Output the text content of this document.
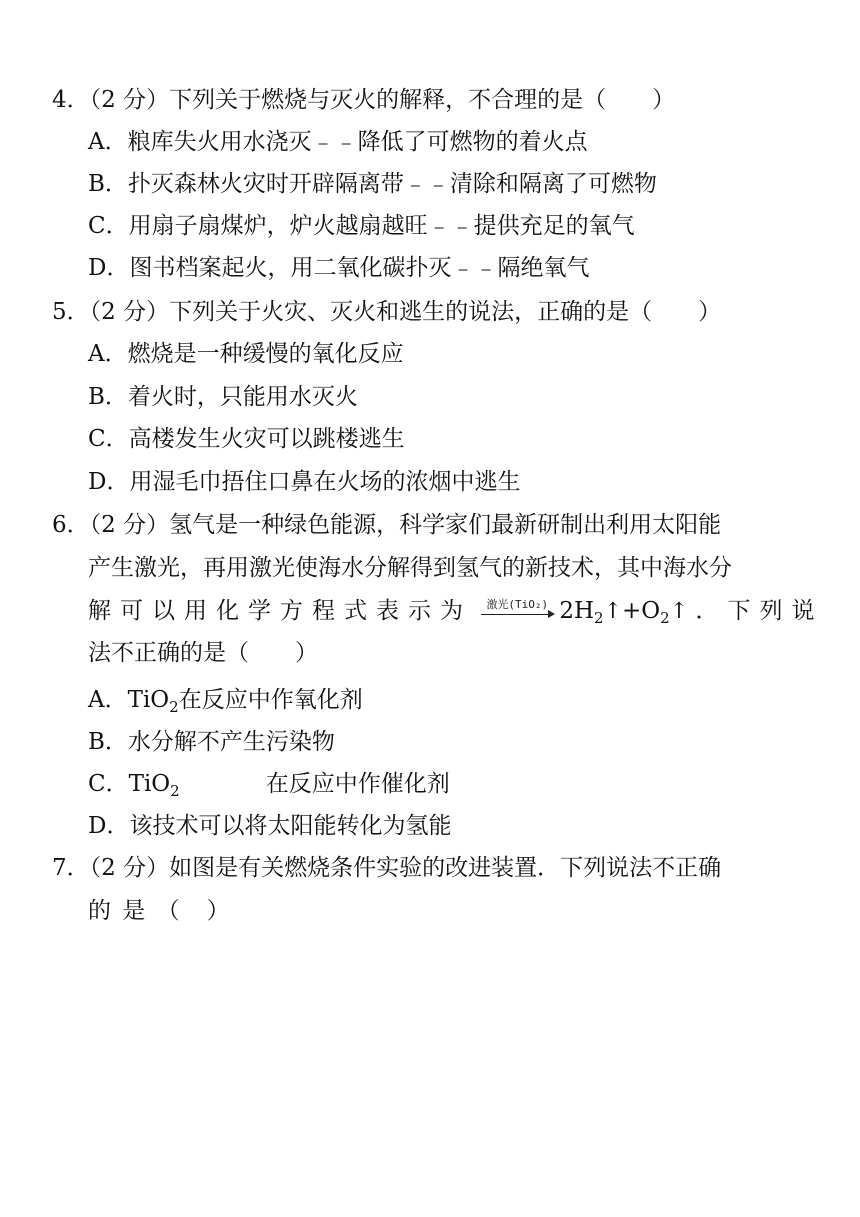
4．（2 分）下列关于燃烧与灭火的解释，不合理的是（　　）
A．粮库失火用水浇灭﹣﹣降低了可燃物的着火点
B．扑灭森林火灾时开辟隔离带﹣﹣清除和隔离了可燃物
C．用扇子扇煤炉，炉火越扇越旺﹣﹣提供充足的氧气
D．图书档案起火，用二氧化碳扑灭﹣﹣隔绝氧气
5．（2 分）下列关于火灾、灭火和逃生的说法，正确的是（　　）
A．燃烧是一种缓慢的氧化反应
B．着火时，只能用水灭火
C．高楼发生火灾可以跳楼逃生
D．用湿毛巾捂住口鼻在火场的浓烟中逃生
6．（2 分）氢气是一种绿色能源，科学家们最新研制出利用太阳能
产生激光，再用激光使海水分解得到氢气的新技术，其中海水分
解可以用化学方程式表示为	激光(TiO₂) $2H_2↑+O_2↑$ ．下列说
法不正确的是（　　）
A．TiO$_2$在反应中作氧化剂
B．水分解不产生污染物
C．TiO$_2$	在反应中作催化剂
D．该技术可以将太阳能转化为氢能
7．（2 分）如图是有关燃烧条件实验的改进装置．下列说法不正确
的 是 （　）
